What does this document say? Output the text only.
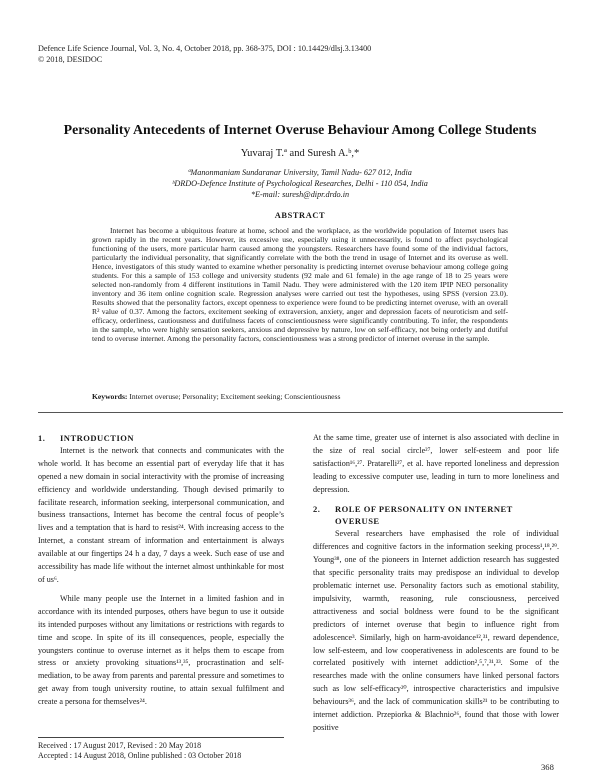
Defence Life Science Journal, Vol. 3, No. 4, October 2018, pp. 368-375, DOI : 10.14429/dlsj.3.13400
© 2018, DESIDOC
Personality Antecedents of Internet Overuse Behaviour Among College Students
Yuvaraj T.ª and Suresh A.ᵇ,*
ªManonmaniam Sundaranar University, Tamil Nadu- 627 012, India
ᵇDRDO-Defence Institute of Psychological Researches, Delhi - 110 054, India
*E-mail: suresh@dipr.drdo.in
ABSTRACT
Internet has become a ubiquitous feature at home, school and the workplace, as the worldwide population of Internet users has grown rapidly in the recent years. However, its excessive use, especially using it unnecessarily, is found to affect psychological functioning of the users, more particular harm caused among the youngsters. Researchers have found some of the individual factors, particularly the individual personality, that significantly correlate with the both the trend in usage of Internet and its overuse as well. Hence, investigators of this study wanted to examine whether personality is predicting internet overuse behaviour among college going students. For this a sample of 153 college and university students (92 male and 61 female) in the age range of 18 to 25 years were selected non-randomly from 4 different institutions in Tamil Nadu. They were administered with the 120 item IPIP NEO personality inventory and 36 item online cognition scale. Regression analyses were carried out test the hypotheses, using SPSS (version 23.0). Results showed that the personality factors, except openness to experience were found to be predicting internet overuse, with an overall R² value of 0.37. Among the factors, excitement seeking of extraversion, anxiety, anger and depression facets of neuroticism and self-efficacy, orderliness, cautiousness and dutifulness facets of conscientiousness were significantly contributing. To infer, the respondents in the sample, who were highly sensation seekers, anxious and depressive by nature, low on self-efficacy, not being orderly and dutiful tend to overuse internet. Among the personality factors, conscientiousness was a strong predictor of internet overuse in the sample.
Keywords: Internet overuse; Personality; Excitement seeking; Conscientiousness
1. INTRODUCTION
Internet is the network that connects and communicates with the whole world. It has become an essential part of everyday life that it has opened a new domain in social interactivity with the promise of increasing efficiency and worldwide understanding. Though devised primarily to facilitate research, information seeking, interpersonal communication, and business transactions, Internet has become the central focus of people’s lives and a temptation that is hard to resist²⁴. With increasing access to the Internet, a constant stream of information and entertainment is always available at our fingertips 24 h a day, 7 days a week. Such ease of use and accessibility has made life without the internet almost unthinkable for most of us⁶.
While many people use the Internet in a limited fashion and in accordance with its intended purposes, others have begun to use it outside its intended purposes without any limitations or restrictions with regards to time and scope. In spite of its ill consequences, people, especially the youngsters continue to overuse internet as it helps them to escape from stress or anxiety provoking situations¹³,³⁵, procrastination and self-mediation, to be away from parents and parental pressure and sometimes to get away from tough university routine, to attain sexual fulfilment and create a persona for themselves²⁴.
At the same time, greater use of internet is also associated with decline in the size of real social circle²⁷, lower self-esteem and poor life satisfaction¹⁶,²⁷. Pratarelli²⁷, et al. have reported loneliness and depression leading to excessive computer use, leading in turn to more loneliness and depression.
2. ROLE OF PERSONALITY ON INTERNET
OVERUSE
Several researchers have emphasised the role of individual differences and cognitive factors in the information seeking process¹,¹⁸,²⁹. Young³⁸, one of the pioneers in Internet addiction research has suggested that specific personality traits may predispose an individual to develop problematic internet use. Personality factors such as emotional stability, impulsivity, warmth, reasoning, rule consciousness, perceived attractiveness and social boldness were found to be the significant predictors of internet overuse that begin to influence right from adolescence³. Similarly, high on harm-avoidance¹²,³¹, reward dependence, low self-esteem, and low cooperativeness in adolescents are found to be correlated positively with internet addiction²,⁵,⁷,³¹,³³. Some of the researches made with the online consumers have linked personal factors such as low self-efficacy²⁰, introspective characteristics and impulsive behaviours³⁶, and the lack of communication skills²¹ to be contributing to internet addiction. Przepiorka & Blachnio²⁶, found that those with lower positive
Received : 17 August 2017, Revised : 20 May 2018
Accepted : 14 August 2018, Online published : 03 October 2018
368
